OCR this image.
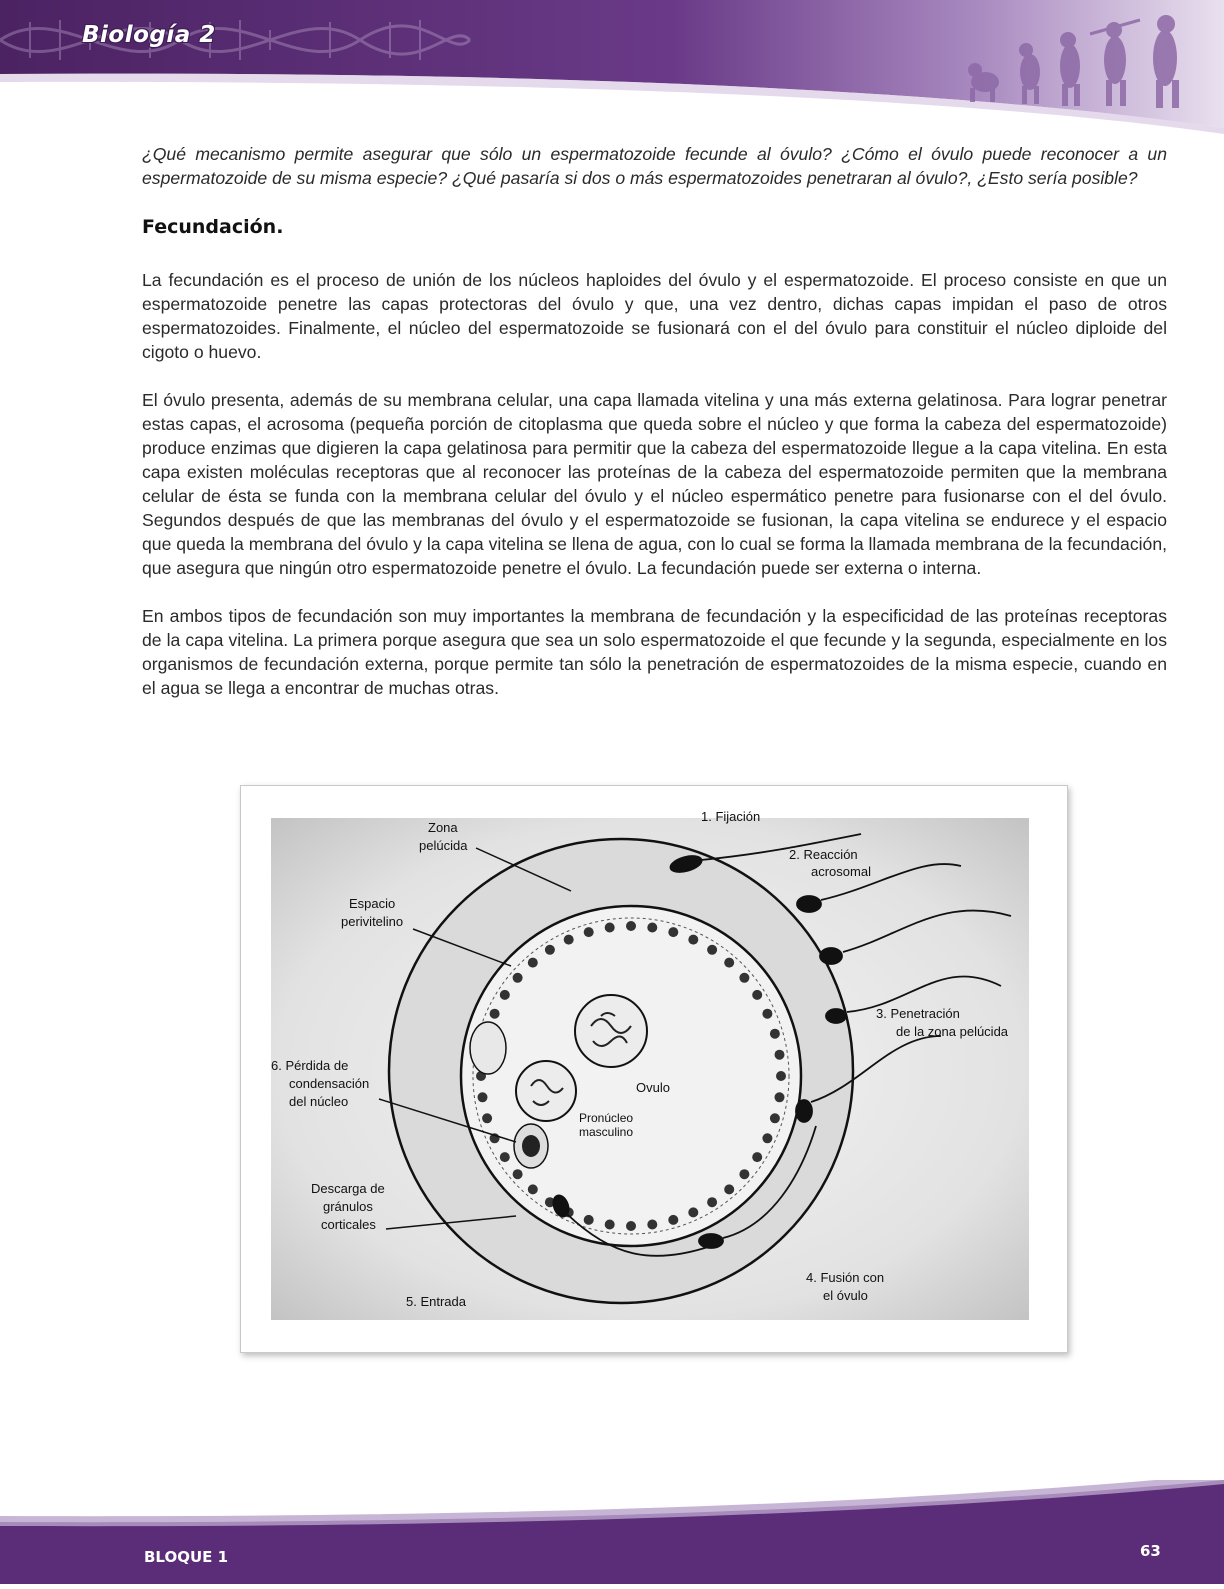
Biología 2

¿Qué mecanismo permite asegurar que sólo un espermatozoide fecunde al óvulo? ¿Cómo el óvulo puede reconocer a un espermatozoide de su misma especie? ¿Qué pasaría si dos o más espermatozoides penetraran al óvulo?, ¿Esto sería posible?

Fecundación.

La fecundación es el proceso de unión de los núcleos haploides del óvulo y el espermatozoide. El proceso consiste en que un espermatozoide penetre las capas protectoras del óvulo y que, una vez dentro, dichas capas impidan el paso de otros espermatozoides. Finalmente, el núcleo del espermatozoide se fusionará con el del óvulo para constituir el núcleo diploide del cigoto o huevo.

El óvulo presenta, además de su membrana celular, una capa llamada vitelina y una más externa gelatinosa. Para lograr penetrar estas capas, el acrosoma (pequeña porción de citoplasma que queda sobre el núcleo y que forma la cabeza del espermatozoide) produce enzimas que digieren la capa gelatinosa para permitir que la cabeza del espermatozoide llegue a la capa vitelina. En esta capa existen moléculas receptoras que al reconocer las proteínas de la cabeza del espermatozoide permiten que la membrana celular de ésta se funda con la membrana celular del óvulo y el núcleo espermático penetre para fusionarse con el del óvulo. Segundos después de que las membranas del óvulo y el espermatozoide se fusionan, la capa vitelina se endurece y el espacio que queda la membrana del óvulo y la capa vitelina se llena de agua, con lo cual se forma la llamada membrana de la fecundación, que asegura que ningún otro espermatozoide penetre el óvulo. La fecundación puede ser externa o interna.

En ambos tipos de fecundación son muy importantes la membrana de fecundación y la especificidad de las proteínas receptoras de la capa vitelina. La primera porque asegura que sea un solo espermatozoide el que fecunde y la segunda, especialmente en los organismos de fecundación externa, porque permite tan sólo la penetración de espermatozoides de la misma especie, cuando en el agua se llega a encontrar de muchas otras.

Zona pelúcida
Espacio perivitelino
6. Pérdida de condensación del núcleo
Descarga de gránulos corticales
5. Entrada
1. Fijación
2. Reacción acrosomal
3. Penetración de la zona pelúcida
4. Fusión con el óvulo
Ovulo
Pronúcleo masculino
BLOQUE 1	63
